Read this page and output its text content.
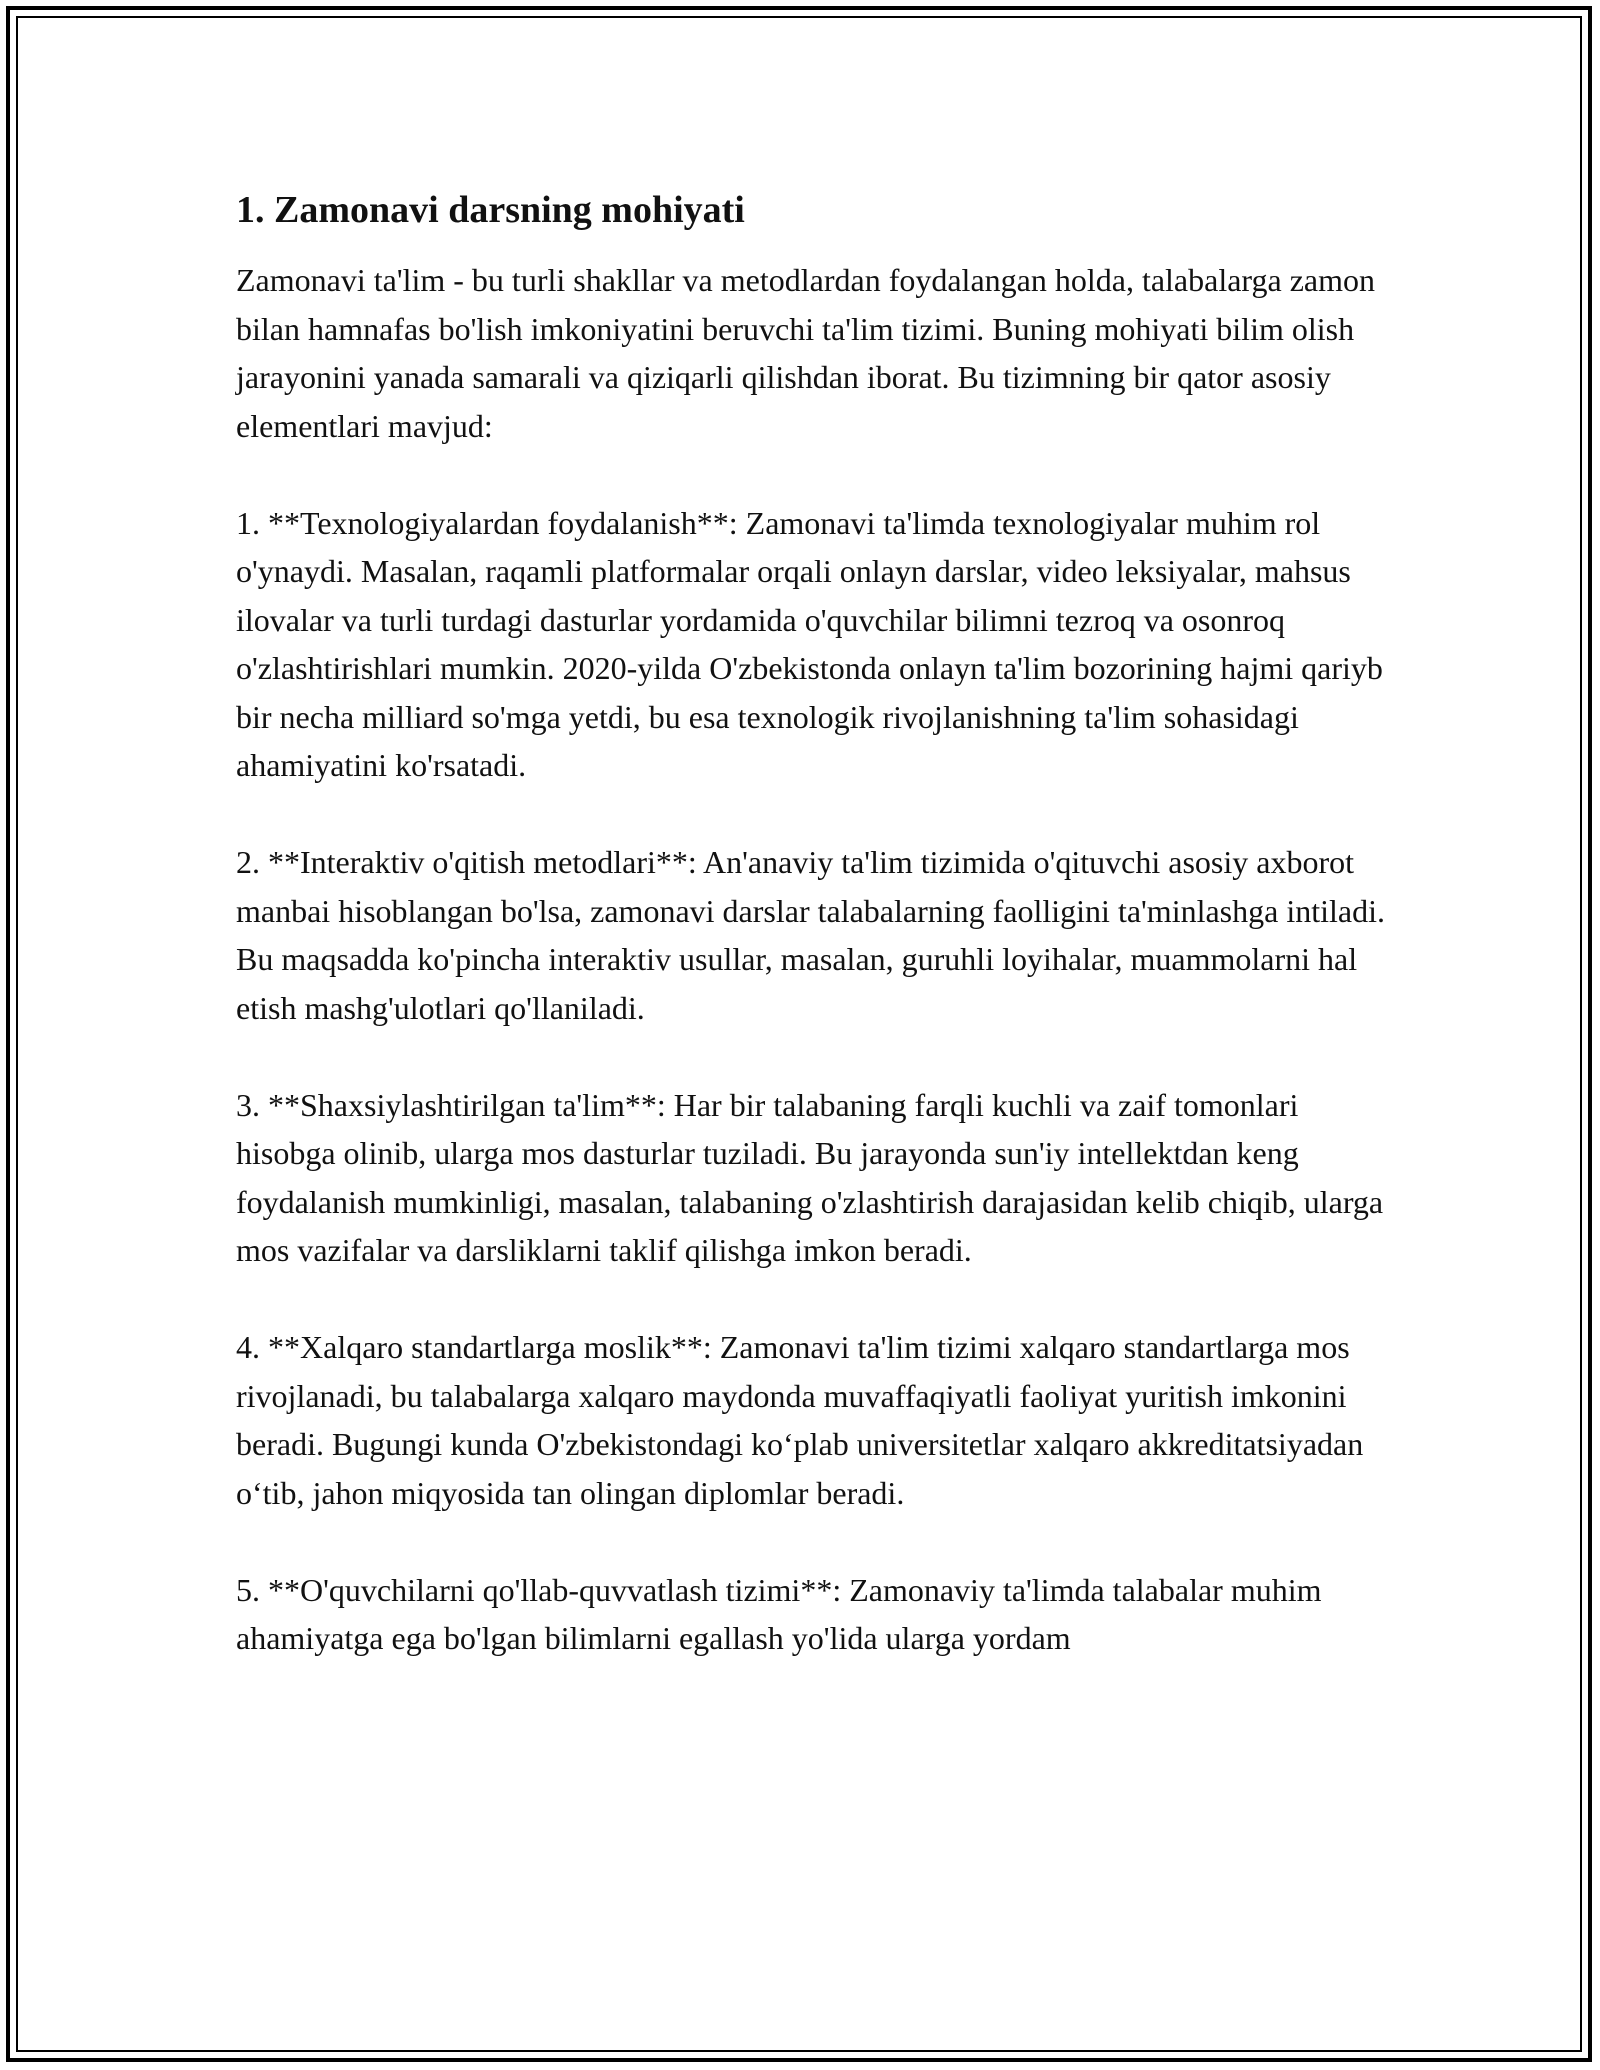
1. Zamonavi darsning mohiyati

Zamonavi ta'lim - bu turli shakllar va metodlardan foydalangan holda, talabalarga zamon bilan hamnafas bo'lish imkoniyatini beruvchi ta'lim tizimi. Buning mohiyati bilim olish jarayonini yanada samarali va qiziqarli qilishdan iborat. Bu tizimning bir qator asosiy elementlari mavjud:

1. **Texnologiyalardan foydalanish**: Zamonavi ta'limda texnologiyalar muhim rol o'ynaydi. Masalan, raqamli platformalar orqali onlayn darslar, video leksiyalar, mahsus ilovalar va turli turdagi dasturlar yordamida o'quvchilar bilimni tezroq va osonroq o'zlashtirishlari mumkin. 2020-yilda O'zbekistonda onlayn ta'lim bozorining hajmi qariyb bir necha milliard so'mga yetdi, bu esa texnologik rivojlanishning ta'lim sohasidagi ahamiyatini ko'rsatadi.

2. **Interaktiv o'qitish metodlari**: An'anaviy ta'lim tizimida o'qituvchi asosiy axborot manbai hisoblangan bo'lsa, zamonavi darslar talabalarning faolligini ta'minlashga intiladi. Bu maqsadda ko'pincha interaktiv usullar, masalan, guruhli loyihalar, muammolarni hal etish mashg'ulotlari qo'llaniladi.

3. **Shaxsiylashtirilgan ta'lim**: Har bir talabaning farqli kuchli va zaif tomonlari hisobga olinib, ularga mos dasturlar tuziladi. Bu jarayonda sun'iy intellektdan keng foydalanish mumkinligi, masalan, talabaning o'zlashtirish darajasidan kelib chiqib, ularga mos vazifalar va darsliklarni taklif qilishga imkon beradi.

4. **Xalqaro standartlarga moslik**: Zamonavi ta'lim tizimi xalqaro standartlarga mos rivojlanadi, bu talabalarga xalqaro maydonda muvaffaqiyatli faoliyat yuritish imkonini beradi. Bugungi kunda O'zbekistondagi ko‘plab universitetlar xalqaro akkreditatsiyadan o‘tib, jahon miqyosida tan olingan diplomlar beradi.

5. **O'quvchilarni qo'llab-quvvatlash tizimi**: Zamonaviy ta'limda talabalar muhim ahamiyatga ega bo'lgan bilimlarni egallash yo'lida ularga yordam
